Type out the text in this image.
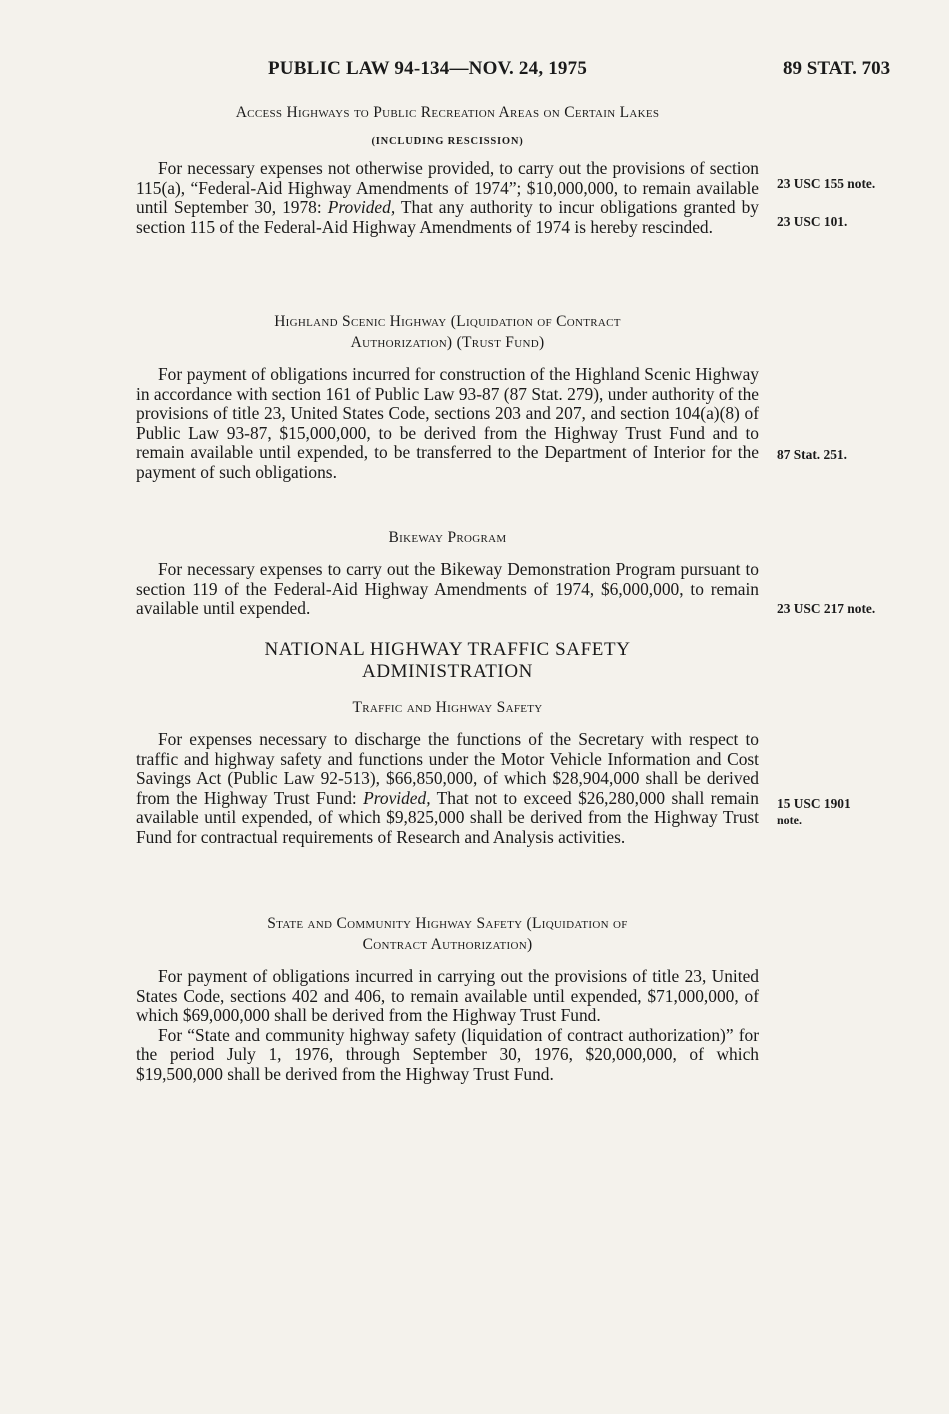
PUBLIC LAW 94-134—NOV. 24, 1975	89 STAT. 703
Access Highways to Public Recreation Areas on Certain Lakes
(INCLUDING RESCISSION)

For necessary expenses not otherwise provided, to carry out the provisions of section 115(a), “Federal-Aid Highway Amendments of 1974”; $10,000,000, to remain available until September 30, 1978: Provided, That any authority to incur obligations granted by section 115 of the Federal-Aid Highway Amendments of 1974 is hereby rescinded.

Highland Scenic Highway (Liquidation of Contract
Authorization) (Trust Fund)

For payment of obligations incurred for construction of the Highland Scenic Highway in accordance with section 161 of Public Law 93-87 (87 Stat. 279), under authority of the provisions of title 23, United States Code, sections 203 and 207, and section 104(a)(8) of Public Law 93-87, $15,000,000, to be derived from the Highway Trust Fund and to remain available until expended, to be transferred to the Department of Interior for the payment of such obligations.

Bikeway Program

For necessary expenses to carry out the Bikeway Demonstration Program pursuant to section 119 of the Federal-Aid Highway Amendments of 1974, $6,000,000, to remain available until expended.

NATIONAL HIGHWAY TRAFFIC SAFETY
ADMINISTRATION
Traffic and Highway Safety

For expenses necessary to discharge the functions of the Secretary with respect to traffic and highway safety and functions under the Motor Vehicle Information and Cost Savings Act (Public Law 92-513), $66,850,000, of which $28,904,000 shall be derived from the Highway Trust Fund: Provided, That not to exceed $26,280,000 shall remain available until expended, of which $9,825,000 shall be derived from the Highway Trust Fund for contractual requirements of Research and Analysis activities.

State and Community Highway Safety (Liquidation of
Contract Authorization)

For payment of obligations incurred in carrying out the provisions of title 23, United States Code, sections 402 and 406, to remain available until expended, $71,000,000, of which $69,000,000 shall be derived from the Highway Trust Fund.

For “State and community highway safety (liquidation of contract authorization)” for the period July 1, 1976, through September 30, 1976, $20,000,000, of which $19,500,000 shall be derived from the Highway Trust Fund.

23 USC 155 note.
23 USC 101.
87 Stat. 251.
23 USC 217 note.
15 USC 1901
note.
